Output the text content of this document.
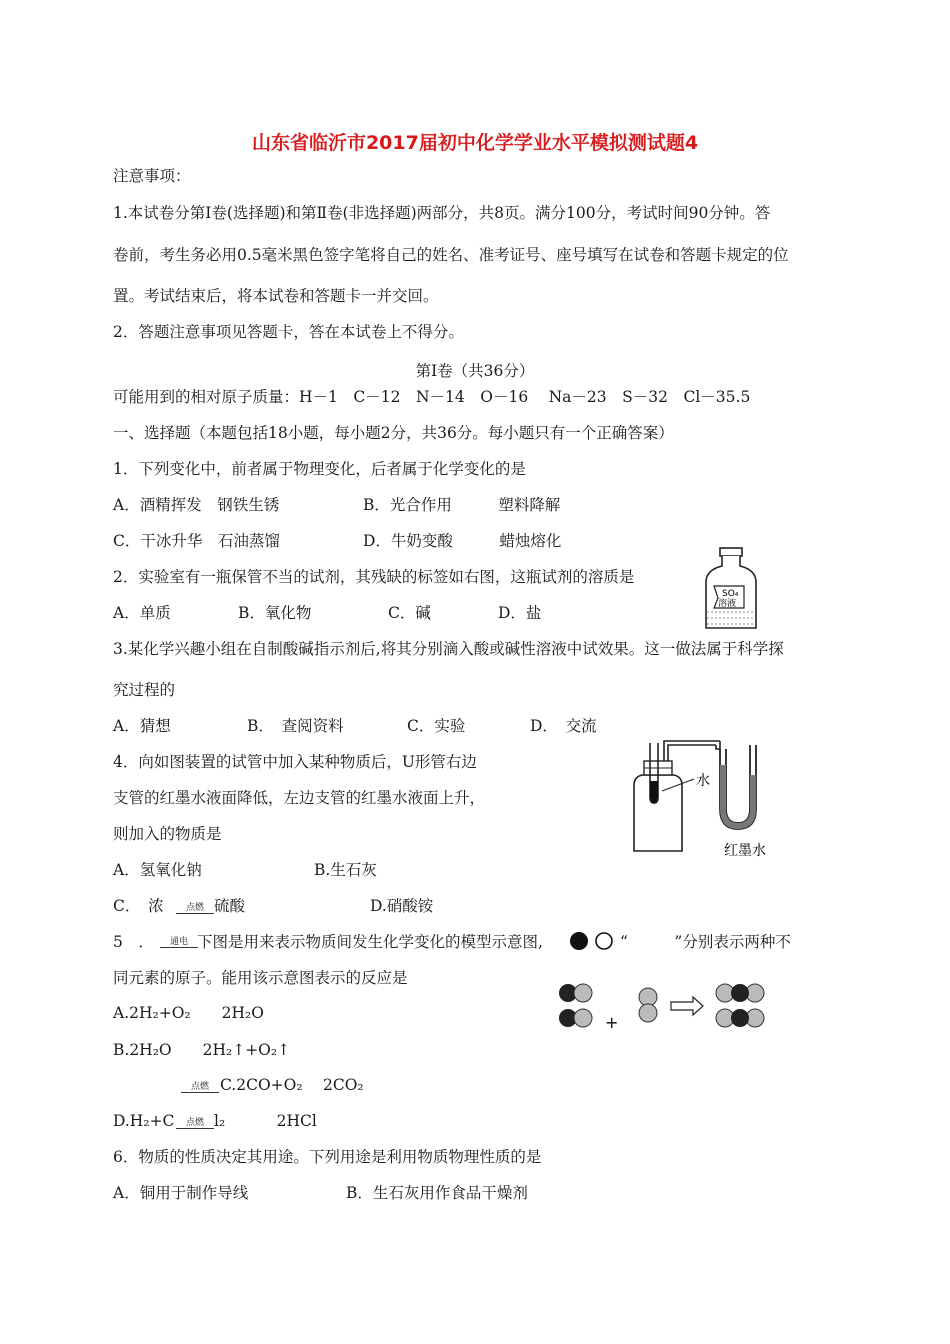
山东省临沂市2017届初中化学学业水平模拟测试题4
注意事项：
1.本试卷分第Ⅰ卷(选择题)和第Ⅱ卷(非选择题)两部分，共8页。满分100分，考试时间90分钟。答
卷前，考生务必用0.5毫米黑色签字笔将自己的姓名、准考证号、座号填写在试卷和答题卡规定的位
置。考试结束后，将本试卷和答题卡一并交回。
2．答题注意事项见答题卡，答在本试卷上不得分。
第Ⅰ卷（共36分）
可能用到的相对原子质量：H－1　C－12　N－14　O－16　 Na－23　S－32　Cl－35.5
一、选择题（本题包括18小题，每小题2分，共36分。每小题只有一个正确答案）
1．下列变化中，前者属于物理变化，后者属于化学变化的是
A．酒精挥发　钢铁生锈	B．光合作用　　　塑料降解
C．干冰升华　石油蒸馏	D．牛奶变酸　　　蜡烛熔化
2．实验室有一瓶保管不当的试剂，其残缺的标签如右图，这瓶试剂的溶质是
A．单质	B．氧化物	C．碱	D．盐
SO₄
溶液
3.某化学兴趣小组在自制酸碱指示剂后,将其分别滴入酸或碱性溶液中试效果。这一做法属于科学探
究过程的
A．猜想	B．　查阅资料	C．实验	D．　交流
4．向如图装置的试管中加入某种物质后，U形管右边
支管的红墨水液面降低，左边支管的红墨水液面上升，
则加入的物质是
A．氢氧化钠	B.生石灰
C．　浓	点燃 硫酸	D.硝酸铵
水
红墨水
5　．	通电 下图是用来表示物质间发生化学变化的模型示意图,	“　　　”分别表示两种不
同元素的原子。能用该示意图表示的反应是
+
A.2H₂+O₂　　2H₂O
B.2H₂O　　2H₂↑+O₂↑
点燃 C.2CO+O₂　 2CO₂
D.H₂+C	点燃 l₂　　　 2HCl
6．物质的性质决定其用途。下列用途是利用物质物理性质的是
A．铜用于制作导线	B．生石灰用作食品干燥剂
